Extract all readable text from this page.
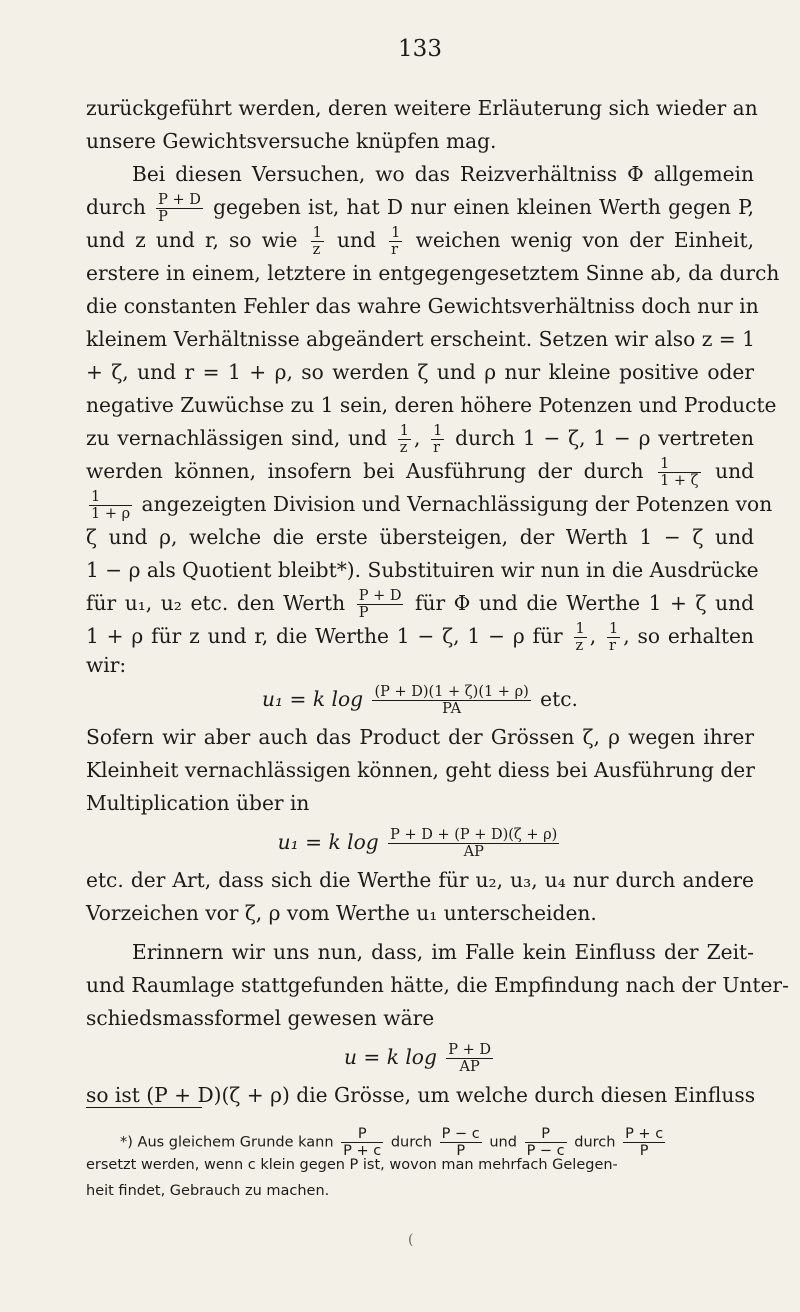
133
zurückgeführt werden, deren weitere Erläuterung sich wieder an
unsere Gewichtsversuche knüpfen mag.
Bei diesen Versuchen, wo das Reizverhältniss Φ allgemein
durch $\frac{P + D}{P}$ gegeben ist, hat D nur einen kleinen Werth gegen P,
und z und r, so wie $\frac{1}{z}$ und $\frac{1}{r}$ weichen wenig von der Einheit,
erstere in einem, letztere in entgegengesetztem Sinne ab, da durch
die constanten Fehler das wahre Gewichtsverhältniss doch nur in
kleinem Verhältnisse abgeändert erscheint. Setzen wir also z = 1
+ ζ, und r = 1 + ρ, so werden ζ und ρ nur kleine positive oder
negative Zuwüchse zu 1 sein, deren höhere Potenzen und Producte
zu vernachlässigen sind, und $\frac{1}{z}$ , $\frac{1}{r}$ durch 1 − ζ, 1 − ρ vertreten
werden können, insofern bei Ausführung der durch $\frac{1}{1 + \zeta}$ und
$\frac{1}{1 + \rho}$ angezeigten Division und Vernachlässigung der Potenzen von
ζ und ρ, welche die erste übersteigen, der Werth 1 − ζ und
1 − ρ als Quotient bleibt*). Substituiren wir nun in die Ausdrücke
für u₁, u₂ etc. den Werth $\frac{P + D}{P}$ für Φ und die Werthe 1 + ζ und
1 + ρ für z und r, die Werthe 1 − ζ, 1 − ρ für $\frac{1}{z}$ , $\frac{1}{r}$ , so erhalten
wir:
u₁ = k $\log \frac{(P + D)(1 + \zeta)(1 + \rho)}{PA}$ etc.
Sofern wir aber auch das Product der Grössen ζ, ρ wegen ihrer
Kleinheit vernachlässigen können, geht diess bei Ausführung der
Multiplication über in
u₁ = k $\log \frac{P + D + (P + D)(\zeta + \rho)}{AP}$
etc. der Art, dass sich die Werthe für u₂, u₃, u₄ nur durch andere
Vorzeichen vor ζ, ρ vom Werthe u₁ unterscheiden.
Erinnern wir uns nun, dass, im Falle kein Einfluss der Zeit-
und Raumlage stattgefunden hätte, die Empfindung nach der Unter-
schiedsmassformel gewesen wäre
u = k $\log \frac{P + D}{AP}$
so ist (P + D)(ζ + ρ) die Grösse, um welche durch diesen Einfluss
*) Aus gleichem Grunde kann $\frac{P}{P + c}$ durch $\frac{P - c}{P}$ und $\frac{P}{P - c}$ durch $\frac{P + c}{P}$
ersetzt werden, wenn c klein gegen P ist, wovon man mehrfach Gelegen-
heit findet, Gebrauch zu machen.
(
